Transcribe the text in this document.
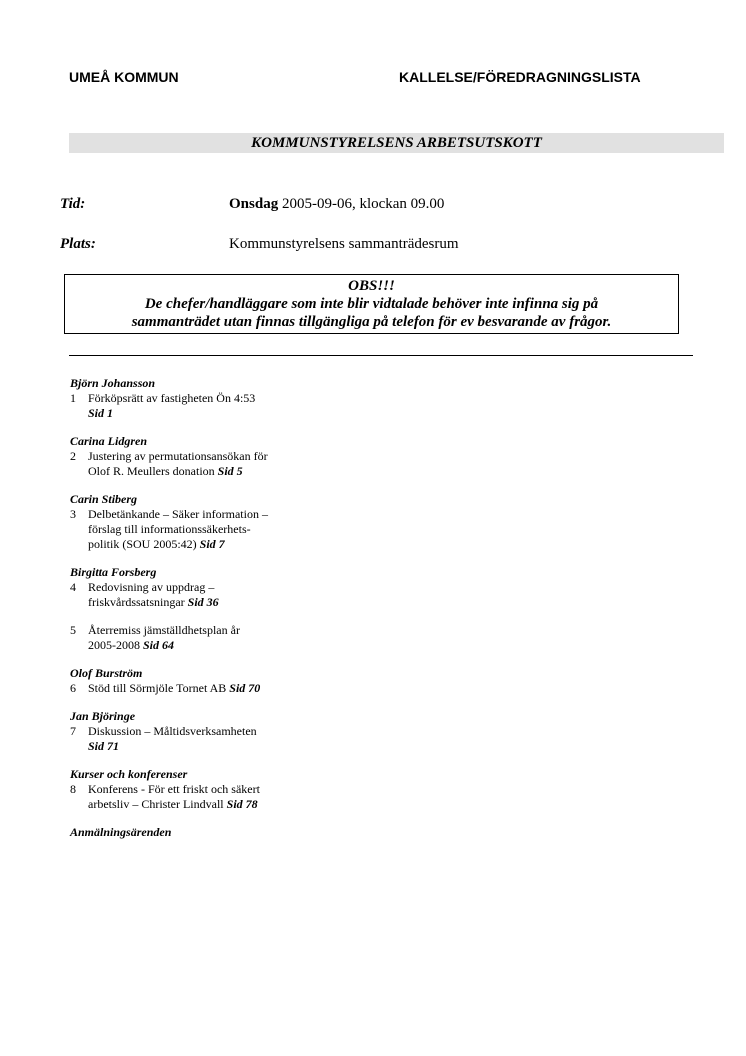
UMEÅ KOMMUN	KALLELSE/FÖREDRAGNINGSLISTA
KOMMUNSTYRELSENS ARBETSUTSKOTT
Tid:	Onsdag 2005-09-06, klockan 09.00
Plats:	Kommunstyrelsens sammanträdesrum
OBS!!!
De chefer/handläggare som inte blir vidtalade behöver inte infinna sig på
sammanträdet utan finnas tillgängliga på telefon för ev besvarande av frågor.
Björn Johansson
1 Förköpsrätt av fastigheten Ön 4:53
Sid 1
Carina Lidgren
2 Justering av permutationsansökan för
Olof R. Meullers donation Sid 5
Carin Stiberg
3 Delbetänkande – Säker information –
förslag till informationssäkerhets-
politik (SOU 2005:42) Sid 7
Birgitta Forsberg
4 Redovisning av uppdrag –
friskvårdssatsningar Sid 36
5 Återremiss jämställdhetsplan år
2005-2008 Sid 64
Olof Burström
6 Stöd till Sörmjöle Tornet AB Sid 70
Jan Björinge
7 Diskussion – Måltidsverksamheten
Sid 71
Kurser och konferenser
8 Konferens - För ett friskt och säkert
arbetsliv – Christer Lindvall Sid 78
Anmälningsärenden
